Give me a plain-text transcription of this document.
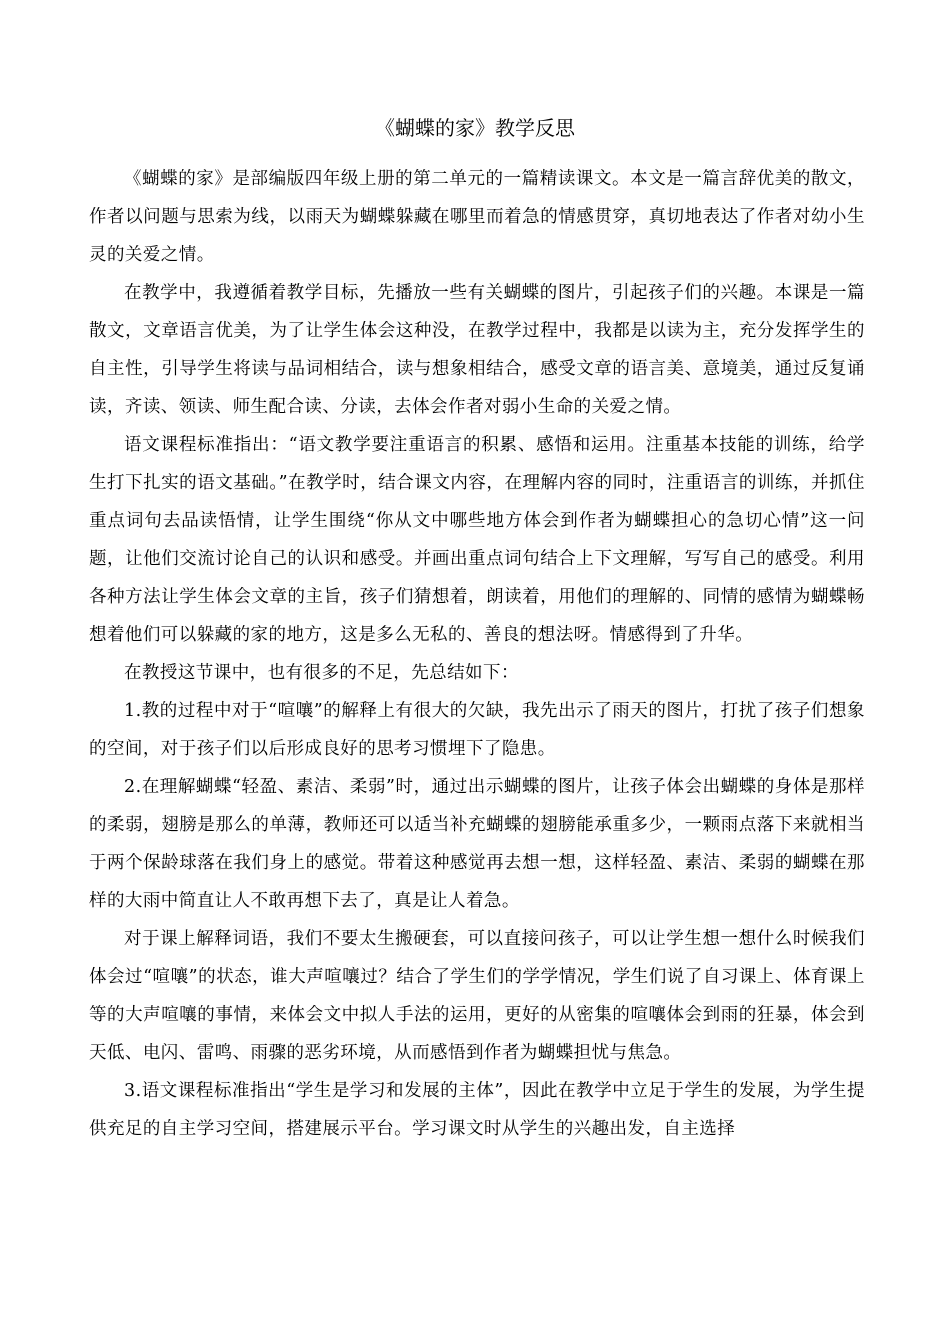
《蝴蝶的家》教学反思

《蝴蝶的家》是部编版四年级上册的第二单元的一篇精读课文。本文是一篇言辞优美的散文，作者以问题与思索为线，以雨天为蝴蝶躲藏在哪里而着急的情感贯穿，真切地表达了作者对幼小生灵的关爱之情。

在教学中，我遵循着教学目标，先播放一些有关蝴蝶的图片，引起孩子们的兴趣。本课是一篇散文，文章语言优美，为了让学生体会这种没，在教学过程中，我都是以读为主，充分发挥学生的自主性，引导学生将读与品词相结合，读与想象相结合，感受文章的语言美、意境美，通过反复诵读，齐读、领读、师生配合读、分读，去体会作者对弱小生命的关爱之情。

语文课程标准指出：“语文教学要注重语言的积累、感悟和运用。注重基本技能的训练，给学生打下扎实的语文基础。”在教学时，结合课文内容，在理解内容的同时，注重语言的训练，并抓住重点词句去品读悟情，让学生围绕“你从文中哪些地方体会到作者为蝴蝶担心的急切心情”这一问题，让他们交流讨论自己的认识和感受。并画出重点词句结合上下文理解，写写自己的感受。利用各种方法让学生体会文章的主旨，孩子们猜想着，朗读着，用他们的理解的、同情的感情为蝴蝶畅想着他们可以躲藏的家的地方，这是多么无私的、善良的想法呀。情感得到了升华。

在教授这节课中，也有很多的不足，先总结如下：

1.教的过程中对于“喧嚷”的解释上有很大的欠缺，我先出示了雨天的图片，打扰了孩子们想象的空间，对于孩子们以后形成良好的思考习惯埋下了隐患。

2.在理解蝴蝶“轻盈、素洁、柔弱”时，通过出示蝴蝶的图片，让孩子体会出蝴蝶的身体是那样的柔弱，翅膀是那么的单薄，教师还可以适当补充蝴蝶的翅膀能承重多少，一颗雨点落下来就相当于两个保龄球落在我们身上的感觉。带着这种感觉再去想一想，这样轻盈、素洁、柔弱的蝴蝶在那样的大雨中简直让人不敢再想下去了，真是让人着急。

对于课上解释词语，我们不要太生搬硬套，可以直接问孩子，可以让学生想一想什么时候我们体会过“喧嚷”的状态，谁大声喧嚷过？结合了学生们的学学情况，学生们说了自习课上、体育课上等的大声喧嚷的事情，来体会文中拟人手法的运用，更好的从密集的喧嚷体会到雨的狂暴，体会到天低、电闪、雷鸣、雨骤的恶劣环境，从而感悟到作者为蝴蝶担忧与焦急。

3.语文课程标准指出“学生是学习和发展的主体”，因此在教学中立足于学生的发展，为学生提供充足的自主学习空间，搭建展示平台。学习课文时从学生的兴趣出发，自主选择
